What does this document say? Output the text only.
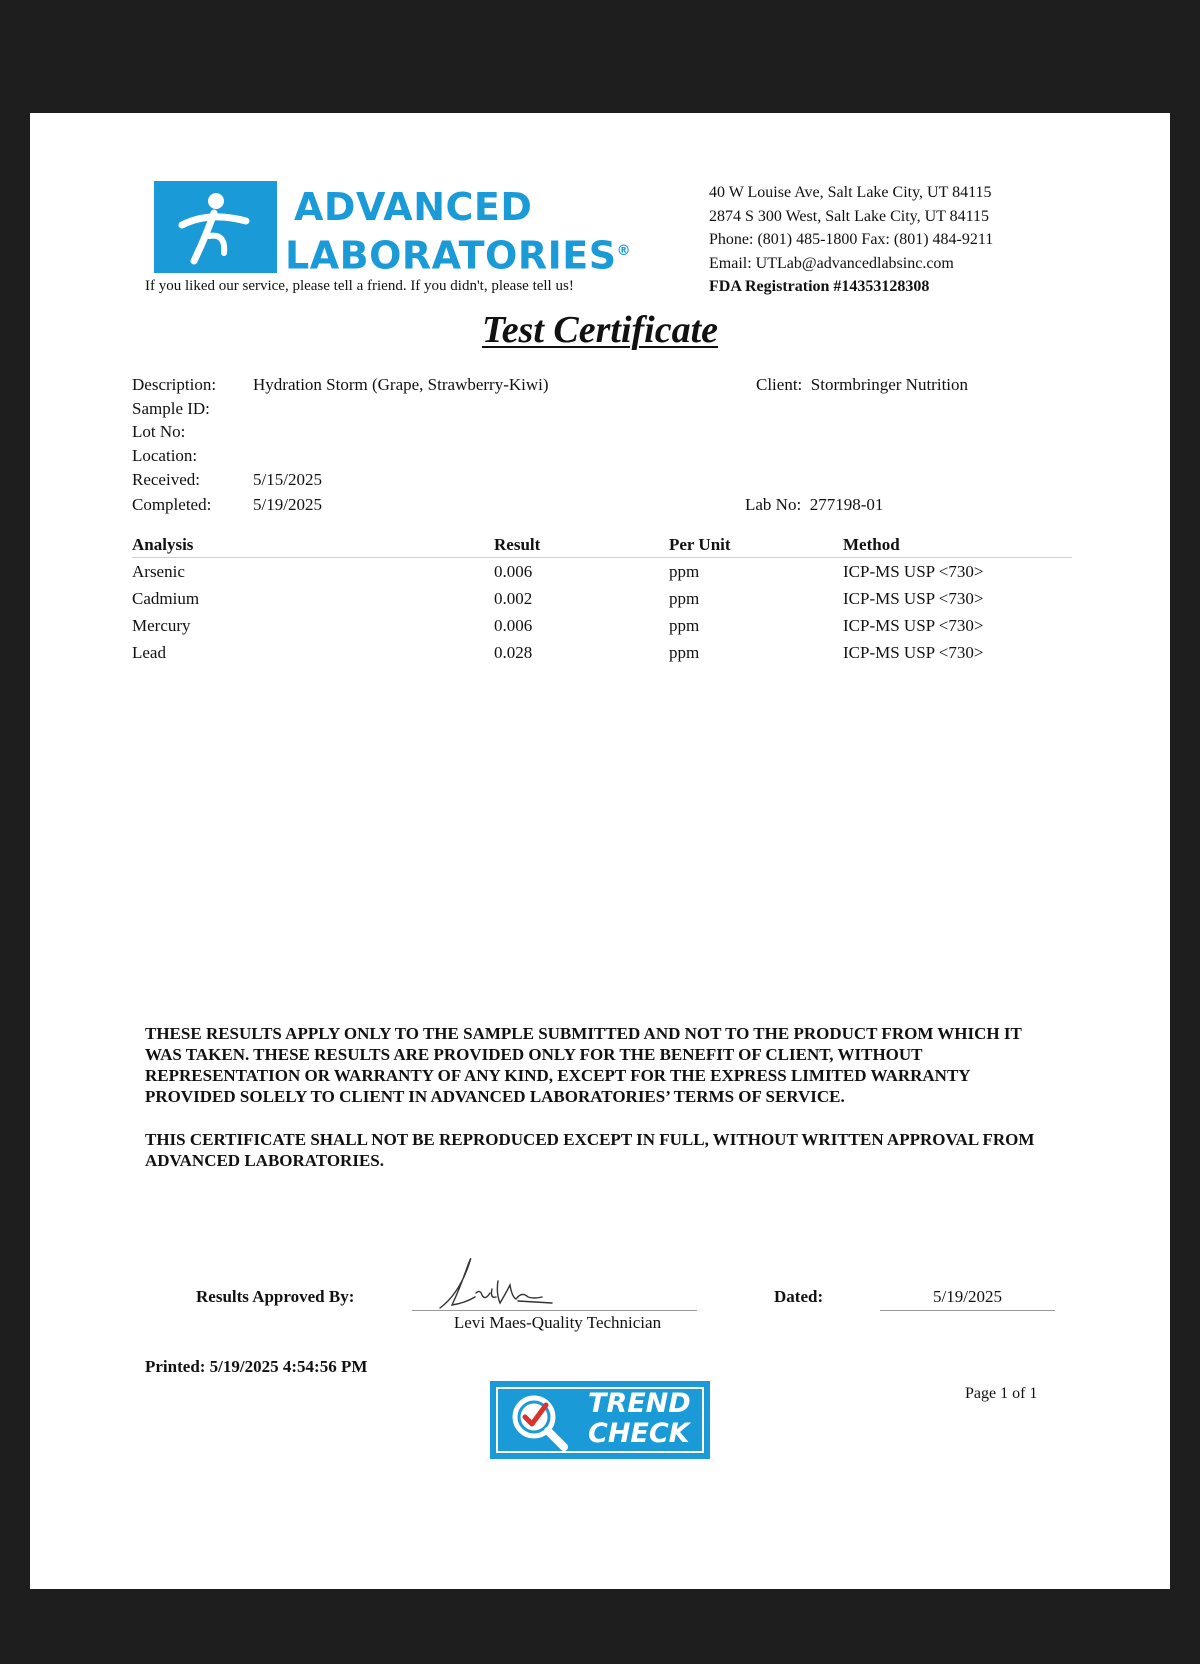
ADVANCED
LABORATORIES®
If you liked our service, please tell a friend. If you didn't, please tell us!
40 W Louise Ave, Salt Lake City, UT 84115
2874 S 300 West, Salt Lake City, UT 84115
Phone: (801) 485-1800 Fax: (801) 484-9211
Email: UTLab@advancedlabsinc.com
FDA Registration #14353128308
Test Certificate
Description: Hydration Storm (Grape, Strawberry-Kiwi)
Sample ID:
Lot No:
Location:
Received:	5/15/2025
Completed: 5/19/2025
Client: Stormbringer Nutrition
Lab No: 277198-01
Analysis	Result	Per Unit	Method
Arsenic	0.006	ppm	ICP-MS USP <730>
Cadmium	0.002	ppm	ICP-MS USP <730>
Mercury	0.006	ppm	ICP-MS USP <730>
Lead	0.028	ppm	ICP-MS USP <730>

THESE RESULTS APPLY ONLY TO THE SAMPLE SUBMITTED AND NOT TO THE PRODUCT FROM WHICH IT WAS TAKEN. THESE RESULTS ARE PROVIDED ONLY FOR THE BENEFIT OF CLIENT, WITHOUT REPRESENTATION OR WARRANTY OF ANY KIND, EXCEPT FOR THE EXPRESS LIMITED WARRANTY PROVIDED SOLELY TO CLIENT IN ADVANCED LABORATORIES’ TERMS OF SERVICE.

THIS CERTIFICATE SHALL NOT BE REPRODUCED EXCEPT IN FULL, WITHOUT WRITTEN APPROVAL FROM ADVANCED LABORATORIES.

Results Approved By:
Levi Maes-Quality Technician
Dated:	5/19/2025
Printed: 5/19/2025 4:54:56 PM
Page 1 of 1
TREND
CHECK
